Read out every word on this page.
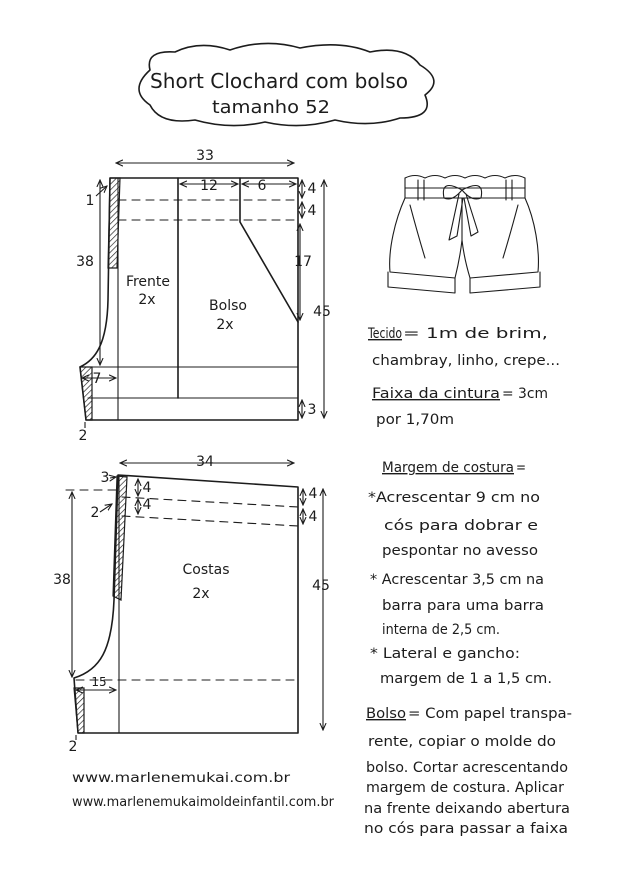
Short Clochard com bolso
tamanho 52
33
12	6	4
4
17
3
45
38
1
7
2
Frente
2x	Bolso
2x
Tecido = 1m de brim,
chambray, linho, crepe...
Faixa da cintura = 3cm
por 1,70m
Margem de costura =
*Acrescentar 9 cm no
cós para dobrar e
pespontar no avesso
* Acrescentar 3,5 cm na
barra para uma barra
interna de 2,5 cm.
* Lateral e gancho:
margem de 1 a 1,5 cm.
Bolso = Com papel transpa-
rente, copiar o molde do
bolso. Cortar acrescentando
margem de costura. Aplicar
na frente deixando abertura
no cós para passar a faixa
34
3
2
4
4
4
4
45
38
15
2
Costas
2x
www.marlenemukai.com.br
www.marlenemukaimoldeinfantil.com.br
